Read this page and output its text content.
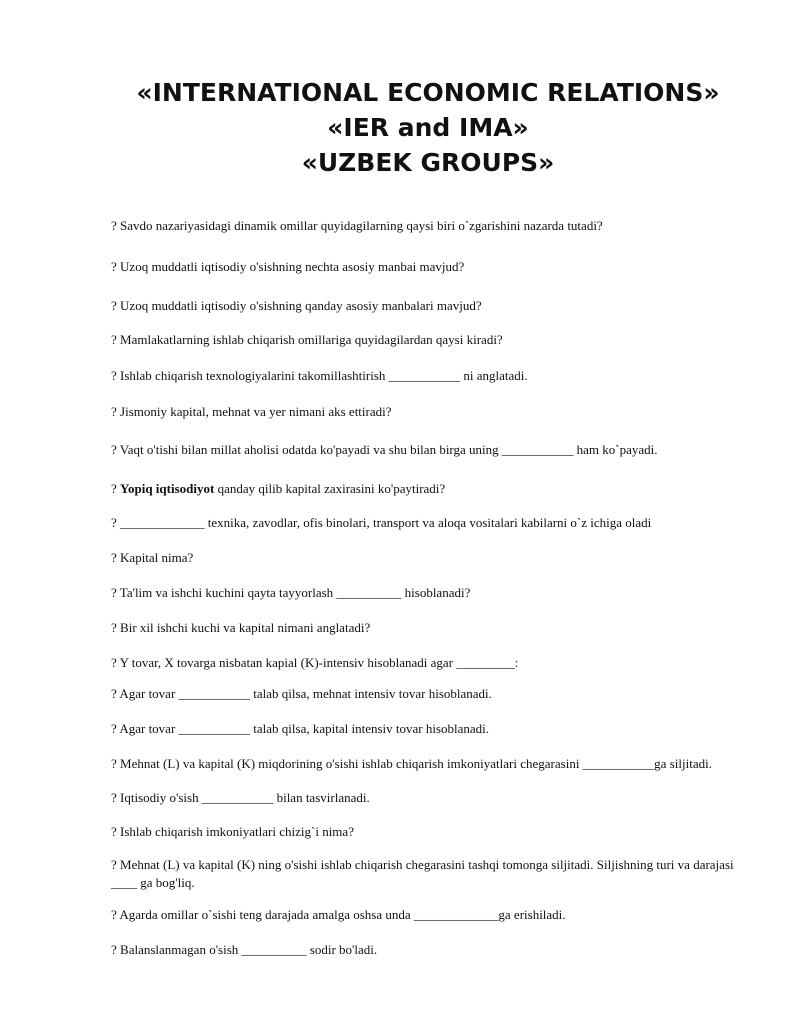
«INTERNATIONAL ECONOMIC RELATIONS»
«IER and IMA»
«UZBEK GROUPS»
? Savdo nazariyasidagi dinamik omillar quyidagilarning qaysi biri o`zgarishini nazarda tutadi?
? Uzoq muddatli iqtisodiy o'sishning nechta asosiy manbai mavjud?
? Uzoq muddatli iqtisodiy o'sishning qanday asosiy manbalari mavjud?
? Mamlakatlarning ishlab chiqarish omillariga quyidagilardan qaysi kiradi?
? Ishlab chiqarish texnologiyalarini takomillashtirish ___________ ni anglatadi.
? Jismoniy kapital, mehnat va yer nimani aks ettiradi?
? Vaqt o'tishi bilan millat aholisi odatda ko'payadi va shu bilan birga uning ___________ ham ko`payadi.
? Yopiq iqtisodiyot qanday qilib kapital zaxirasini ko'paytiradi?
? _____________ texnika, zavodlar, ofis binolari, transport va aloqa vositalari kabilarni o`z ichiga oladi
? Kapital nima?
? Ta'lim va ishchi kuchini qayta tayyorlash __________ hisoblanadi?
? Bir xil ishchi kuchi va kapital nimani anglatadi?
? Y tovar, X tovarga nisbatan kapial (K)-intensiv hisoblanadi agar _________:
? Agar tovar ___________ talab qilsa, mehnat intensiv tovar hisoblanadi.
? Agar tovar ___________ talab qilsa, kapital intensiv tovar hisoblanadi.
? Mehnat (L) va kapital (K) miqdorining o'sishi ishlab chiqarish imkoniyatlari chegarasini ___________ga siljitadi.
? Iqtisodiy o'sish ___________ bilan tasvirlanadi.
? Ishlab chiqarish imkoniyatlari chizig`i nima?
? Mehnat (L) va kapital (K) ning o'sishi ishlab chiqarish chegarasini tashqi tomonga siljitadi. Siljishning turi va darajasi ____ ga bog'liq.
? Agarda omillar o`sishi teng darajada amalga oshsa unda _____________ga erishiladi.
? Balanslanmagan o'sish __________ sodir bo'ladi.
